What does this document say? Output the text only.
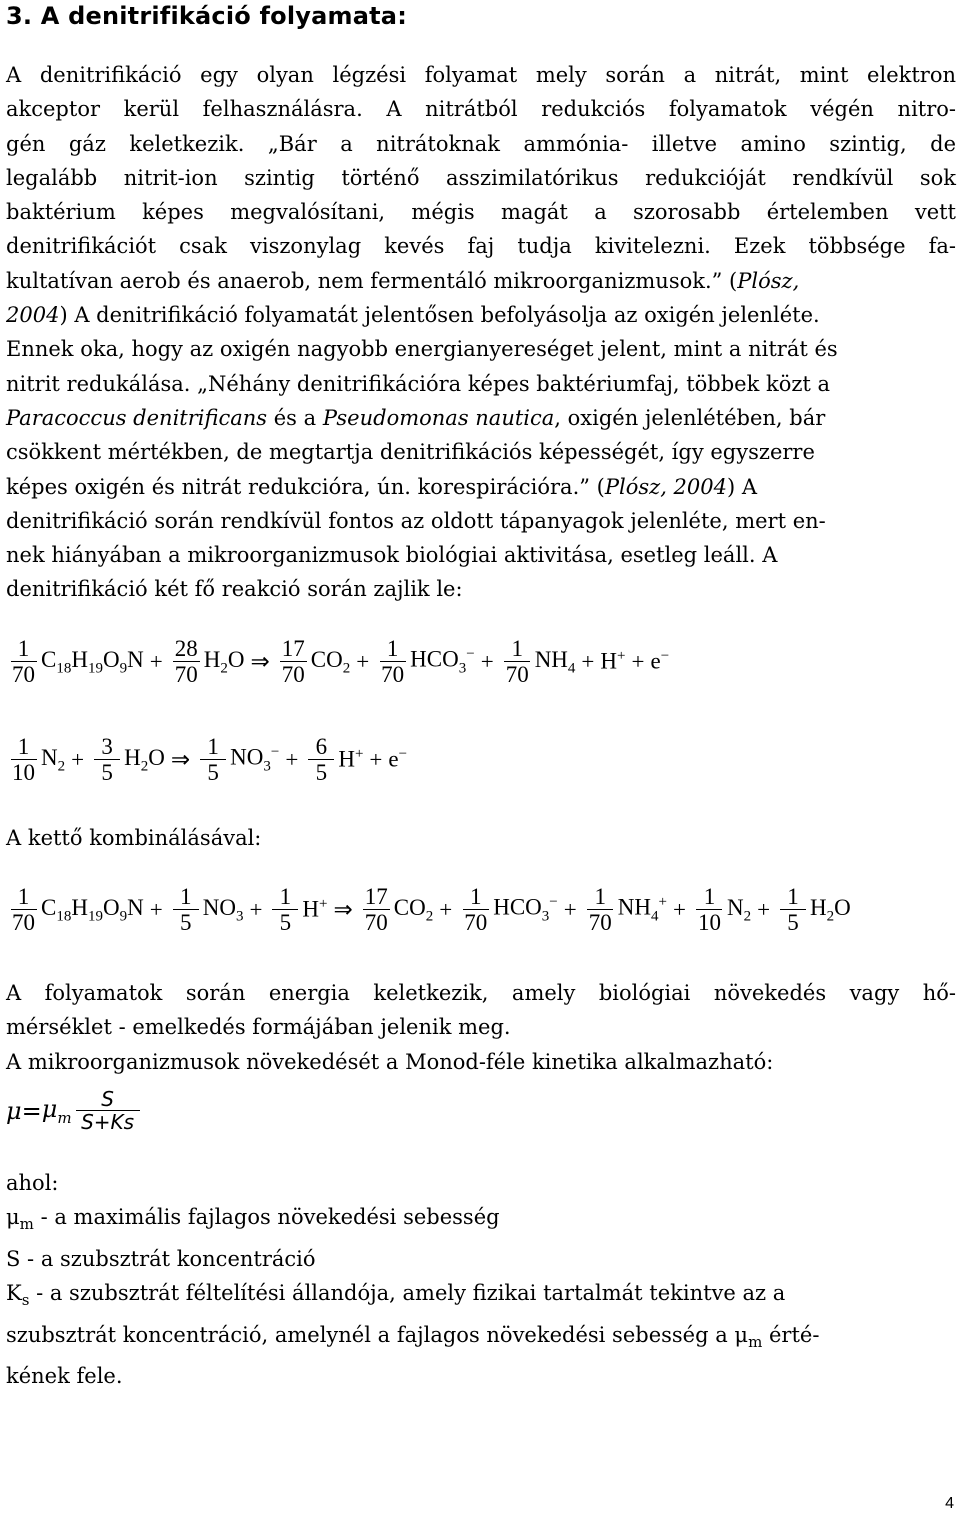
3. A denitrifikáció folyamata:
A denitrifikáció egy olyan légzési folyamat mely során a nitrát, mint elektron
akceptor kerül felhasználásra. A nitrátból redukciós folyamatok végén nitro-
gén gáz keletkezik. „Bár a nitrátoknak ammónia- illetve amino szintig, de
legalább nitrit-ion szintig történő asszimilatórikus redukcióját rendkívül sok
baktérium képes megvalósítani, mégis magát a szorosabb értelemben vett
denitrifikációt csak viszonylag kevés faj tudja kivitelezni. Ezek többsége fa-
kultatívan aerob és anaerob, nem fermentáló mikroorganizmusok.” (Plósz,
2004) A denitrifikáció folyamatát jelentősen befolyásolja az oxigén jelenléte.
Ennek oka, hogy az oxigén nagyobb energianyereséget jelent, mint a nitrát és
nitrit redukálása. „Néhány denitrifikációra képes baktériumfaj, többek közt a
Paracoccus denitrificans és a Pseudomonas nautica, oxigén jelenlétében, bár
csökkent mértékben, de megtartja denitrifikációs képességét, így egyszerre
képes oxigén és nitrát redukcióra, ún. korespirációra.” (Plósz, 2004) A
denitrifikáció során rendkívül fontos az oldott tápanyagok jelenléte, mert en-
nek hiányában a mikroorganizmusok biológiai aktivitása, esetleg leáll. A
denitrifikáció két fő reakció során zajlik le:
$\frac{1}{70} C_{18}H_{19}O_9N + \frac{28}{70} H_2O$ ⇒ $\frac{17}{70} CO_2 + \frac{1}{70} HCO_3^- + \frac{1}{70} NH_4 + H^+ + e^-$
$\frac{1}{10} N_2 + \frac{3}{5} H_2O$ ⇒ $\frac{1}{5} NO_3^- + \frac{6}{5} H^+ + e^-$
A kettő kombinálásával:
$\frac{1}{70} C_{18}H_{19}O_9N + \frac{1}{5} NO_3 + \frac{1}{5} H^+$ ⇒ $\frac{17}{70} CO_2 + \frac{1}{70} HCO_3^- + \frac{1}{70} NH_4^+ + \frac{1}{10} N_2 + \frac{1}{5} H_2O$
A folyamatok során energia keletkezik, amely biológiai növekedés vagy hő-
mérséklet - emelkedés formájában jelenik meg.
A mikroorganizmusok növekedését a Monod-féle kinetika alkalmazható:
$\mu = \mu_m \frac{S}{S+Ks}$
ahol:
$\mu_m$ - a maximális fajlagos növekedési sebesség
S - a szubsztrát koncentráció
$K_s$ - a szubsztrát féltelítési állandója, amely fizikai tartalmát tekintve az a
szubsztrát koncentráció, amelynél a fajlagos növekedési sebesség a $\mu_m$ érté-
kének fele.
4
